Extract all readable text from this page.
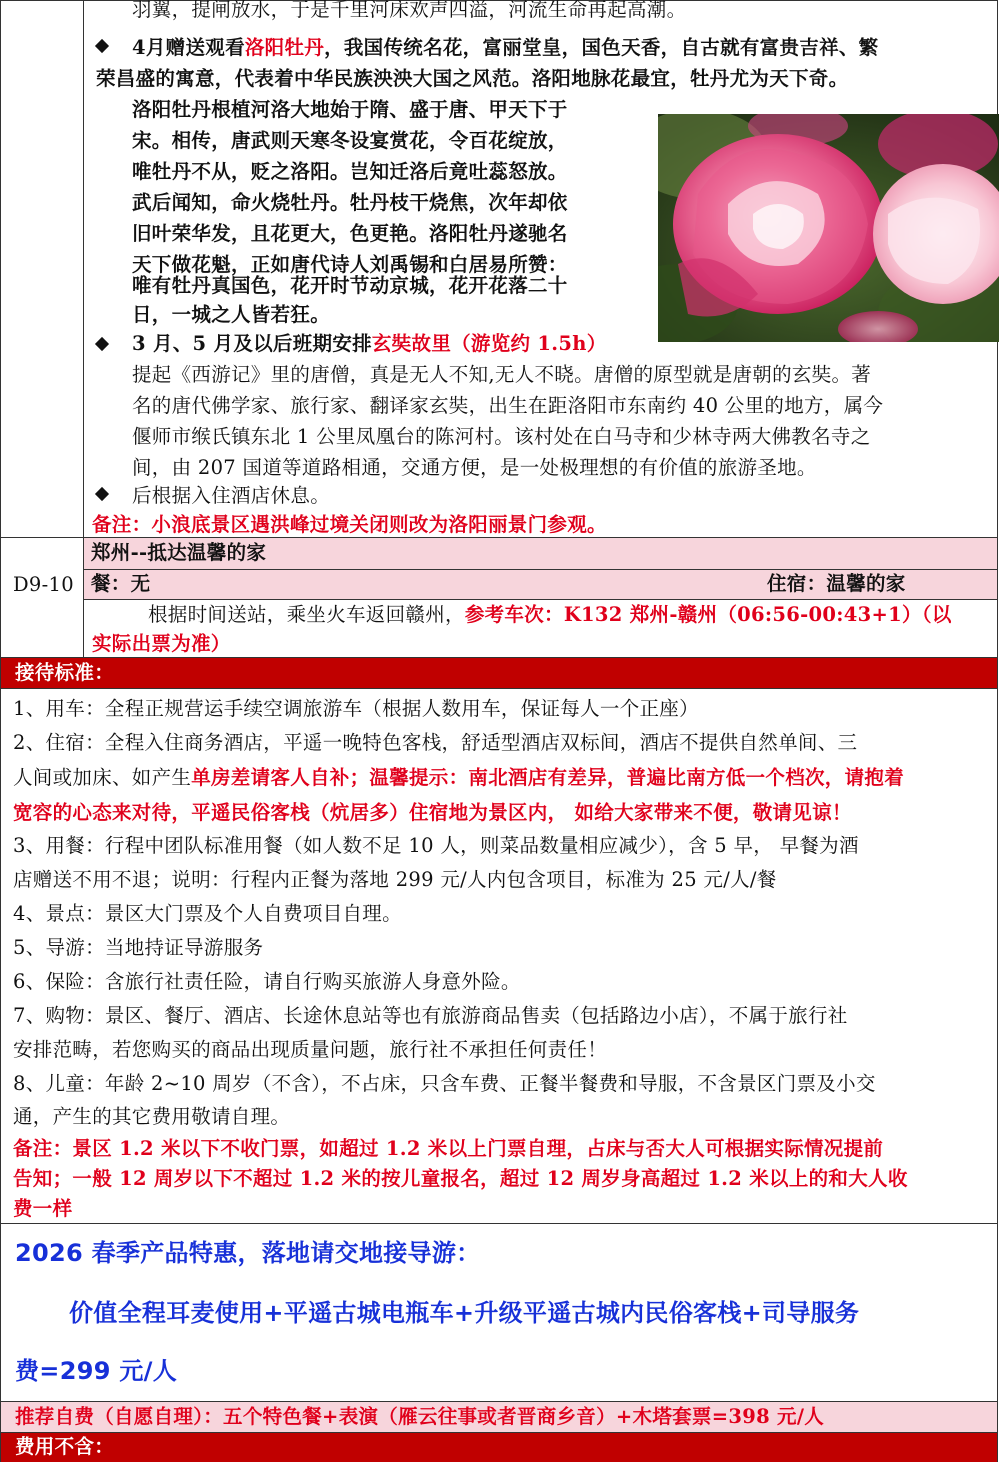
羽翼，提闸放水，于是千里河床欢声四溢，河流生命再起高潮。

4月赠送观看洛阳牡丹，我国传统名花，富丽堂皇，国色天香，自古就有富贵吉祥、繁

荣昌盛的寓意，代表着中华民族泱泱大国之风范。洛阳地脉花最宜，牡丹尤为天下奇。

洛阳牡丹根植河洛大地始于隋、盛于唐、甲天下于

宋。相传，唐武则天寒冬设宴赏花，令百花绽放，

唯牡丹不从，贬之洛阳。岂知迁洛后竟吐蕊怒放。

武后闻知，命火烧牡丹。牡丹枝干烧焦，次年却依

旧叶荣华发，且花更大，色更艳。洛阳牡丹遂驰名

天下做花魁，正如唐代诗人刘禹锡和白居易所赞：

唯有牡丹真国色，花开时节动京城，花开花落二十

日，一城之人皆若狂。

3 月、5 月及以后班期安排玄奘故里（游览约 1.5h）

提起《西游记》里的唐僧，真是无人不知,无人不晓。唐僧的原型就是唐朝的玄奘。著

名的唐代佛学家、旅行家、翻译家玄奘，出生在距洛阳市东南约 40 公里的地方，属今

偃师市缑氏镇东北 1 公里凤凰台的陈河村。该村处在白马寺和少林寺两大佛教名寺之

间，由 207 国道等道路相通，交通方便，是一处极理想的有价值的旅游圣地。

后根据入住酒店休息。

备注：小浪底景区遇洪峰过境关闭则改为洛阳丽景门参观。

D9-10

郑州--抵达温馨的家

餐：无	住宿：温馨的家

根据时间送站，乘坐火车返回赣州，参考车次：K132 郑州-赣州（06:56-00:43+1）（以

实际出票为准）

接待标准：

1、用车：全程正规营运手续空调旅游车（根据人数用车，保证每人一个正座）

2、住宿：全程入住商务酒店，平遥一晚特色客栈，舒适型酒店双标间，酒店不提供自然单间、三

人间或加床、如产生单房差请客人自补；温馨提示：南北酒店有差异，普遍比南方低一个档次，请抱着

宽容的心态来对待，平遥民俗客栈（炕居多）住宿地为景区内， 如给大家带来不便，敬请见谅！

3、用餐：行程中团队标准用餐（如人数不足 10 人，则菜品数量相应减少），含 5 早， 早餐为酒

店赠送不用不退；说明：行程内正餐为落地 299 元/人内包含项目，标准为 25 元/人/餐

4、景点：景区大门票及个人自费项目自理。

5、导游：当地持证导游服务

6、保险：含旅行社责任险，请自行购买旅游人身意外险。

7、购物：景区、餐厅、酒店、长途休息站等也有旅游商品售卖（包括路边小店），不属于旅行社

安排范畴，若您购买的商品出现质量问题，旅行社不承担任何责任！

8、儿童：年龄 2~10 周岁（不含），不占床，只含车费、正餐半餐费和导服，不含景区门票及小交

通，产生的其它费用敬请自理。

备注：景区 1.2 米以下不收门票，如超过 1.2 米以上门票自理，占床与否大人可根据实际情况提前

告知；一般 12 周岁以下不超过 1.2 米的按儿童报名，超过 12 周岁身高超过 1.2 米以上的和大人收

费一样

2026 春季产品特惠，落地请交地接导游：

价值全程耳麦使用+平遥古城电瓶车+升级平遥古城内民俗客栈+司导服务

费=299 元/人

推荐自费（自愿自理）：五个特色餐+表演（雁云往事或者晋商乡音）+木塔套票=398 元/人

费用不含：
